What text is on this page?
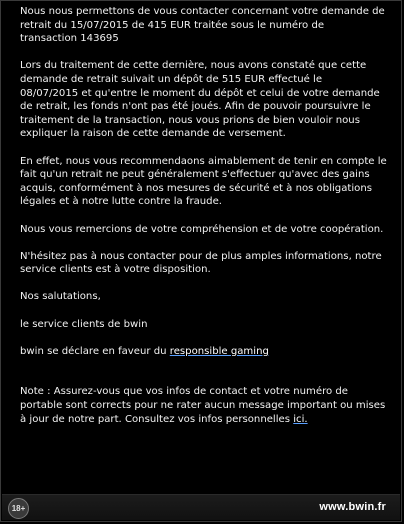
Nous nous permettons de vous contacter concernant votre demande de
retrait du 15/07/2015 de 415 EUR traitée sous le numéro de
transaction 143695

Lors du traitement de cette dernière, nous avons constaté que cette
demande de retrait suivait un dépôt de 515 EUR effectué le
08/07/2015 et qu'entre le moment du dépôt et celui de votre demande
de retrait, les fonds n'ont pas été joués. Afin de pouvoir poursuivre le
traitement de la transaction, nous vous prions de bien vouloir nous
expliquer la raison de cette demande de versement.

En effet, nous vous recommendaons aimablement de tenir en compte le
fait qu'un retrait ne peut généralement s'effectuer qu'avec des gains
acquis, conformément à nos mesures de sécurité et à nos obligations
légales et à notre lutte contre la fraude.

Nous vous remercions de votre compréhension et de votre coopération.

N'hésitez pas à nous contacter pour de plus amples informations, notre
service clients est à votre disposition.

Nos salutations,

le service clients de bwin

bwin se déclare en faveur du responsible gaming

Note : Assurez-vous que vos infos de contact et votre numéro de
portable sont corrects pour ne rater aucun message important ou mises
à jour de notre part. Consultez vos infos personnelles ici.

18+	www.bwin.fr
